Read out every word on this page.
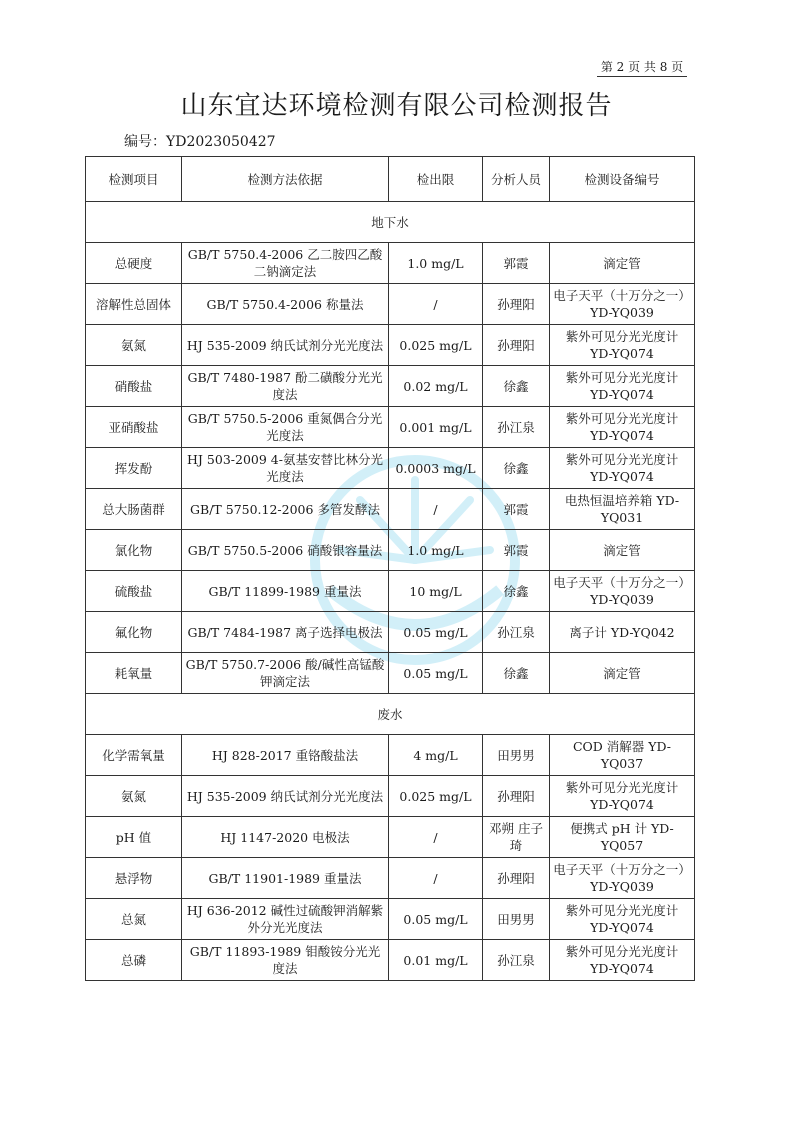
第 2 页 共 8 页
山东宜达环境检测有限公司检测报告
编号：YD2023050427
检测项目	检测方法依据	检出限	分析人员	检测设备编号
地下水				
总硬度	GB/T 5750.4-2006 乙二胺四乙酸二钠滴定法	1.0 mg/L	郭霞	滴定管
溶解性总固体	GB/T 5750.4-2006 称量法	/	孙理阳	电子天平（十万分之一）YD-YQ039
氨氮	HJ 535-2009 纳氏试剂分光光度法	0.025 mg/L	孙理阳	紫外可见分光光度计 YD-YQ074
硝酸盐	GB/T 7480-1987 酚二磺酸分光光度法	0.02 mg/L	徐鑫	紫外可见分光光度计 YD-YQ074
亚硝酸盐	GB/T 5750.5-2006 重氮偶合分光光度法	0.001 mg/L	孙江泉	紫外可见分光光度计 YD-YQ074
挥发酚	HJ 503-2009 4-氨基安替比林分光光度法	0.0003 mg/L	徐鑫	紫外可见分光光度计 YD-YQ074
总大肠菌群	GB/T 5750.12-2006 多管发酵法	/	郭霞	电热恒温培养箱 YD-YQ031
氯化物	GB/T 5750.5-2006 硝酸银容量法	1.0 mg/L	郭霞	滴定管
硫酸盐	GB/T 11899-1989 重量法	10 mg/L	徐鑫	电子天平（十万分之一）YD-YQ039
氟化物	GB/T 7484-1987 离子选择电极法	0.05 mg/L	孙江泉	离子计 YD-YQ042
耗氧量	GB/T 5750.7-2006 酸/碱性高锰酸钾滴定法	0.05 mg/L	徐鑫	滴定管
废水				
化学需氧量	HJ 828-2017 重铬酸盐法	4 mg/L	田男男	COD 消解器 YD-YQ037
氨氮	HJ 535-2009 纳氏试剂分光光度法	0.025 mg/L	孙理阳	紫外可见分光光度计 YD-YQ074
pH 值	HJ 1147-2020 电极法	/	邓朔 庄子琦	便携式 pH 计 YD-YQ057
悬浮物	GB/T 11901-1989 重量法	/	孙理阳	电子天平（十万分之一）YD-YQ039
总氮	HJ 636-2012 碱性过硫酸钾消解紫外分光光度法	0.05 mg/L	田男男	紫外可见分光光度计 YD-YQ074
总磷	GB/T 11893-1989 钼酸铵分光光度法	0.01 mg/L	孙江泉	紫外可见分光光度计 YD-YQ074
